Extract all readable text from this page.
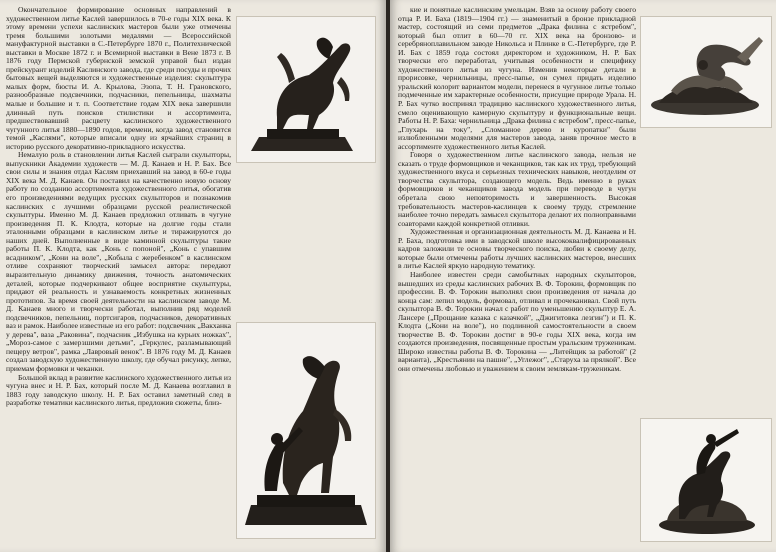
Окончательное формирование основных направлений в художественном литье Каслей завершилось в 70-е годы XIX века. К этому времени успехи каслинских мастеров были уже отмечены тремя большими золотыми медалями — Всероссийской мануфактурной выставки в С.-Петербурге 1870 г., Политехнической выставки в Москве 1872 г. и Всемирной выставки в Вене 1873 г. В 1876 году Пермской губернской земской управой был издан прейскурант изделий Каслинского завода, где среди посуды и прочих бытовых вещей выделяются и художественные изделия: скульптура малых форм, бюсты И. А. Крылова, Эзопа, Т. Н. Грановского, разнообразные подсвечники, подчасники, пепельницы, шахматы малые и большие и т. п. Соответствие годам XIX века завершили длинный путь поисков стилистики и ассортимента, предшествовавший расцвету каслинского художественного чугунного литья 1880—1890 годов, времени, когда завод становится темой „Каслями", которые вписали одну из ярчайших страниц в историю русского декоративно-прикладного искусства.

Немалую роль в становлении литья Каслей сыграли скульпторы, выпускники Академии художеств — М. Д. Канаев и Н. Р. Бах. Все свои силы и знания отдал Каслям приехавший на завод в 60-е годы XIX века М. Д. Канаев. Он поставил на качественно новую основу работу по созданию ассортимента художественного литья, обогатив его произведениями ведущих русских скульпторов и познакомив каслинских с лучшими образцами русской реалистической скульптуры. Именно М. Д. Канаев предложил отливать в чугуне произведения П. К. Клодта, которые на долгие годы стали эталонными образцами в каслинском литье и тиражируются до наших дней. Выполненные в виде каминной скульптуры такие работы П. К. Клодта, как „Конь с попоной", „Конь с упавшим всадником", „Кони на воле", „Кобыла с жеребенком" в каслинском отливе сохраняют творческий замысел автора: передают выразительную динамику движения, точность анатомических деталей, которые подчеркивают общее восприятие скульптуры, придают ей реальность и узнаваемость конкретных жизненных прототипов. За время своей деятельности на каслинском заводе М. Д. Канаев много и творчески работал, выполнив ряд моделей подсвечников, пепельниц, портсигаров, подчасников, декоративных ваз и рамок. Наиболее известные из его работ: подсвечник „Вакханка у дерева", ваза „Раковина", подчасник „Избушка на курьих ножках", „Мороз-самое с замерзшими детьми", „Геркулес, разламывающий пещеру ветров", рамка „Лавровый венок". В 1876 году М. Д. Канаев создал заводскую художественную школу, где обучал рисунку, лепке, приемам формовки и чеканки.

Большой вклад в развитие каслинского художественного литья из чугуна внес и Н. Р. Бах, который после М. Д. Канаева возглавил в 1883 году заводскую школу. Н. Р. Бах оставил заметный след в разработке тематики каслинского литья, предложив сюжеты, близ-

кие и понятные каслинским умельцам. Взяв за основу работу своего отца Р. И. Баха (1819—1904 гг.) — знаменитый в бронзе прикладной мастер, состоящий из семи предметов „Драка филина с ястребом", который был отлит в 60—70 гг. XIX века на бронзово- и серебряноплавильном заводе Никольса и Плинке в С.-Петербурге, где Р. И. Бах с 1859 года состоял директором и художником, Н. Р. Бах творчески его переработал, учитывая особенности и специфику художественного литья из чугуна. Изменив некоторые детали в прорисовке, чернильницы, пресс-папье, он сумел придать изделию уральский колорит вариантом модели, перенеся в чугунное литье только подмеченные им характерные особенности, присущие природе Урала. Н. Р. Бах чутко воспринял традицию каслинского художественного литья, смело оценивающую камерную скульптуру и функциональные вещи. Работы Н. Р. Баха: чернильница „Драка филина с ястребом", пресс-папье, „Глухарь на току", „Сломанное дерево и куропатки" были излюбленными моделями для мастеров завода, заняв прочное место в ассортименте художественного литья Каслей.

Говоря о художественном литье каслинского завода, нельзя не сказать о труде формовщиков и чеканщиков, так как их труд, требующий художественного вкуса и серьезных технических навыков, неотделим от творчества скульптора, создающего модель. Ведь именно в руках формовщиков и чеканщиков завода модель при переводе в чугун обретала свою неповторимость и завершенность. Высокая требовательность мастеров-каслинцев к своему труду, стремление наиболее точно передать замысел скульптора делают их полноправными соавторами каждой конкретной отливки.

Художественная и организационная деятельность М. Д. Канаева и Н. Р. Баха, подготовка ими в заводской школе высококвалифицированных кадров заложили те основы творческого поиска, любви к своему делу, которые были отмечены работы лучших каслинских мастеров, внесших в литье Каслей яркую народную тематику.

Наиболее известен среди самобытных народных скульпторов, вышедших из среды каслинских рабочих В. Ф. Торокин, формовщик по профессии. В. Ф. Торокин выполнял свои произведения от начала до конца сам: лепил модель, формовал, отливал и прочеканивал. Свой путь скульптора В. Ф. Торокин начал с работ по уменьшению скульптур Е. А. Лансере („Прощание казака с казачкой", „Джигитовка лезгин") и П. К. Клодта („Кони на воле"), но подлинной самостоятельности в своем творчестве В. Ф. Торокин достиг в 90-е годы XIX века, когда им создаются произведения, посвященные простым уральским труженикам. Широко известны работы В. Ф. Торокина — „Литейщик за работой" (2 варианта), „Крестьянин на пашне", „Углежог", „Старуха за прялкой". Все они отмечены любовью и уважением к своим землякам-труженикам.
